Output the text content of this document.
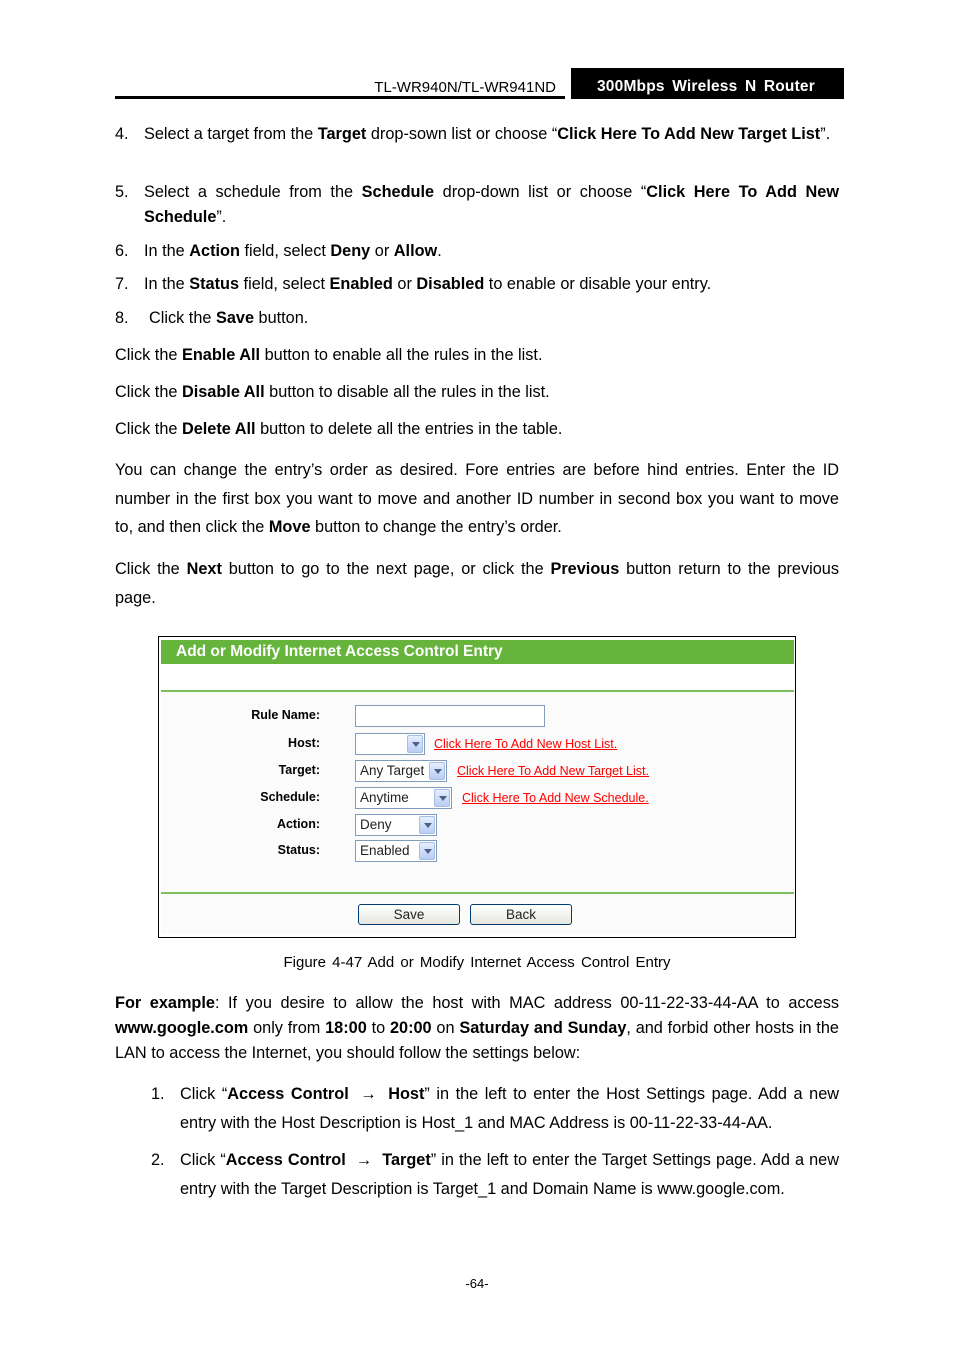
TL-WR940N/TL-WR941ND	300Mbps Wireless N Router
4. Select a target from the Target drop-sown list or choose “Click Here To Add New Target List”.
5. Select a schedule from the Schedule drop-down list or choose “Click Here To Add New Schedule”.
6. In the Action field, select Deny or Allow.
7. In the Status field, select Enabled or Disabled to enable or disable your entry.
8. Click the Save button.
Click the Enable All button to enable all the rules in the list.
Click the Disable All button to disable all the rules in the list.
Click the Delete All button to delete all the entries in the table.
You can change the entry’s order as desired. Fore entries are before hind entries. Enter the ID number in the first box you want to move and another ID number in second box you want to move to, and then click the Move button to change the entry’s order.
Click the Next button to go to the next page, or click the Previous button return to the previous page.
Add or Modify Internet Access Control Entry
Rule Name:
Host:	Click Here To Add New Host List.
Target:	Any Target	Click Here To Add New Target List.
Schedule:	Anytime	Click Here To Add New Schedule.
Action:	Deny
Status:	Enabled
Save	Back
Figure 4-47 Add or Modify Internet Access Control Entry
For example: If you desire to allow the host with MAC address 00-11-22-33-44-AA to access www.google.com only from 18:00 to 20:00 on Saturday and Sunday, and forbid other hosts in the LAN to access the Internet, you should follow the settings below:
1. Click “Access Control → Host” in the left to enter the Host Settings page. Add a new entry with the Host Description is Host_1 and MAC Address is 00-11-22-33-44-AA.
2. Click “Access Control → Target” in the left to enter the Target Settings page. Add a new entry with the Target Description is Target_1 and Domain Name is www.google.com.
-64-
